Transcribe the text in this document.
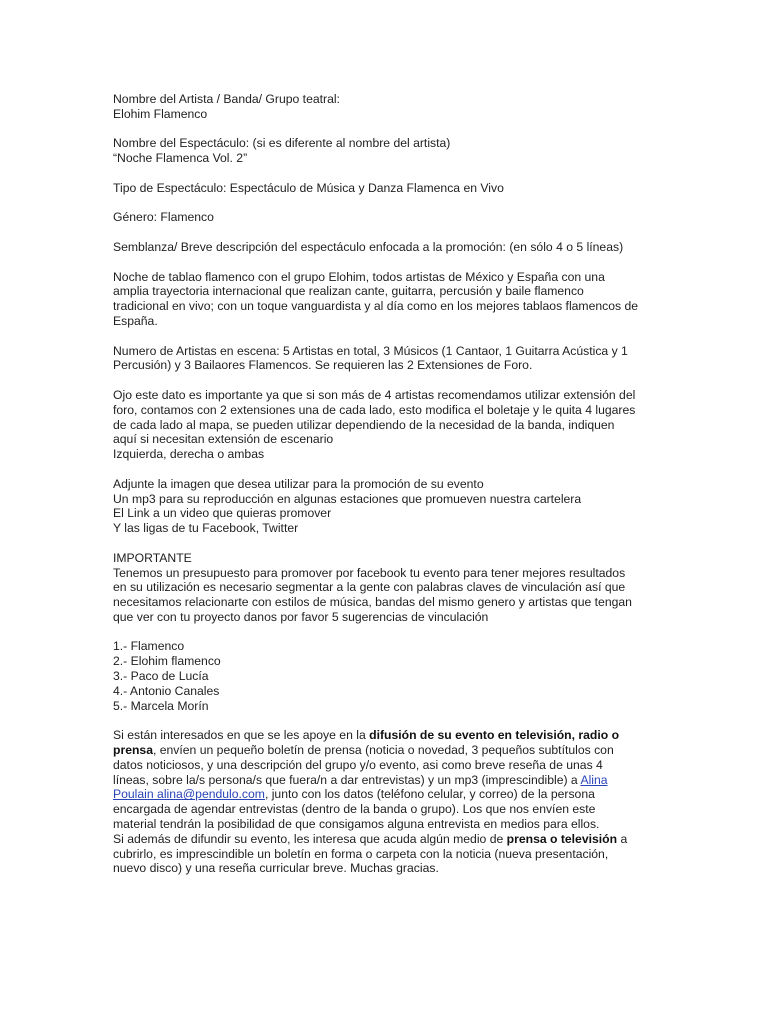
Nombre del Artista / Banda/ Grupo teatral:
Elohim Flamenco
Nombre del Espectáculo: (si es diferente al nombre del artista)
“Noche Flamenca Vol. 2”
Tipo de Espectáculo: Espectáculo de Música y Danza Flamenca en Vivo
Género: Flamenco
Semblanza/ Breve descripción del espectáculo enfocada a la promoción: (en sólo 4 o 5 líneas)
Noche de tablao flamenco con el grupo Elohim, todos artistas de México y España con una
amplia trayectoria internacional que realizan cante, guitarra, percusión y baile flamenco
tradicional en vivo; con un toque vanguardista y al día como en los mejores tablaos flamencos de
España.
Numero de Artistas en escena: 5 Artistas en total, 3 Músicos (1 Cantaor, 1 Guitarra Acústica y 1
Percusión) y 3 Bailaores Flamencos. Se requieren las 2 Extensiones de Foro.
Ojo este dato es importante ya que si son más de 4 artistas recomendamos utilizar extensión del
foro, contamos con 2 extensiones una de cada lado, esto modifica el boletaje y le quita 4 lugares
de cada lado al mapa, se pueden utilizar dependiendo de la necesidad de la banda, indiquen
aquí si necesitan extensión de escenario
Izquierda, derecha o ambas
Adjunte la imagen que desea utilizar para la promoción de su evento
Un mp3 para su reproducción en algunas estaciones que promueven nuestra cartelera
El Link a un video que quieras promover
Y las ligas de tu Facebook, Twitter
IMPORTANTE
Tenemos un presupuesto para promover por facebook tu evento para tener mejores resultados
en su utilización es necesario segmentar a la gente con palabras claves de vinculación así que
necesitamos relacionarte con estilos de música, bandas del mismo genero y artistas que tengan
que ver con tu proyecto danos por favor 5 sugerencias de vinculación
1.- Flamenco
2.- Elohim flamenco
3.- Paco de Lucía
4.- Antonio Canales
5.- Marcela Morín
Si están interesados en que se les apoye en la difusión de su evento en televisión, radio o
prensa, envíen un pequeño boletín de prensa (noticia o novedad, 3 pequeños subtítulos con
datos noticiosos, y una descripción del grupo y/o evento, asi como breve reseña de unas 4
líneas, sobre la/s persona/s que fuera/n a dar entrevistas) y un mp3 (imprescindible) a Alina
Poulain alina@pendulo.com, junto con los datos (teléfono celular, y correo) de la persona
encargada de agendar entrevistas (dentro de la banda o grupo). Los que nos envíen este
material tendrán la posibilidad de que consigamos alguna entrevista en medios para ellos.
Si además de difundir su evento, les interesa que acuda algún medio de prensa o televisión a
cubrirlo, es imprescindible un boletín en forma o carpeta con la noticia (nueva presentación,
nuevo disco) y una reseña curricular breve. Muchas gracias.
